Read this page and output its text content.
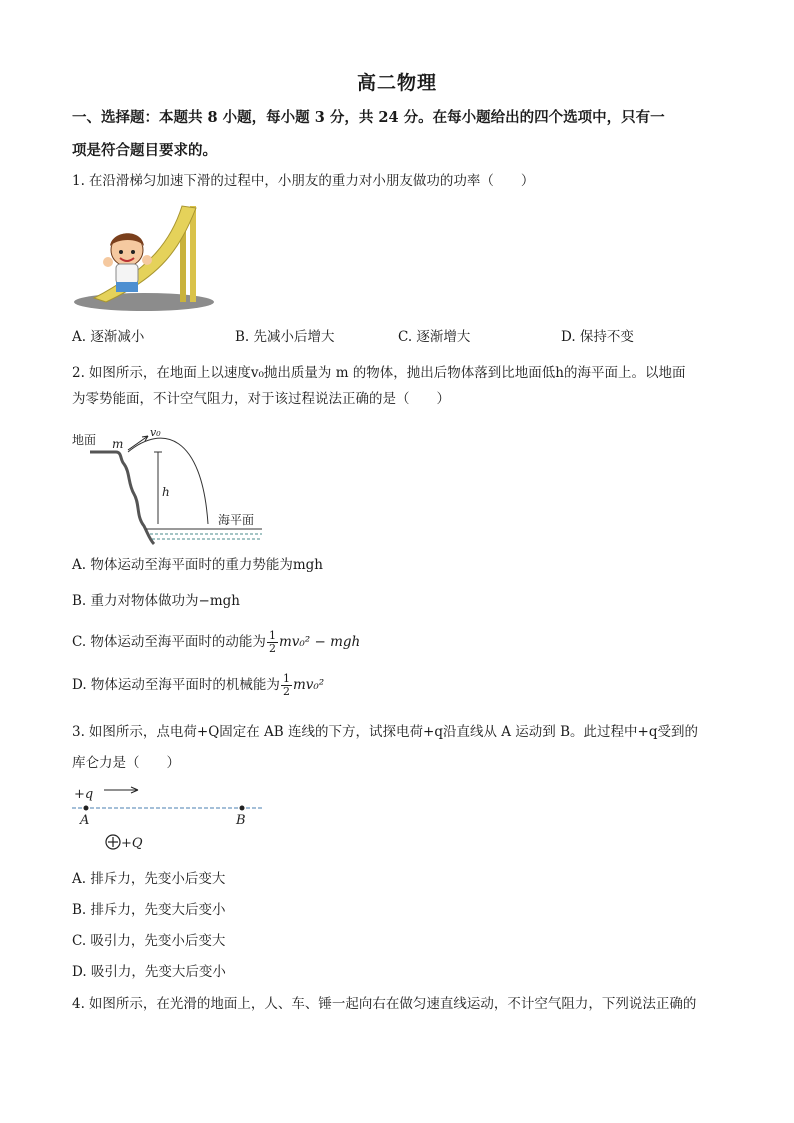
高二物理
一、选择题：本题共 8 小题，每小题 3 分，共 24 分。在每小题给出的四个选项中，只有一
项是符合题目要求的。
1. 在沿滑梯匀加速下滑的过程中，小朋友的重力对小朋友做功的功率（　　）
A. 逐渐减小	B. 先减小后增大	C. 逐渐增大	D. 保持不变
2. 如图所示，在地面上以速度v₀抛出质量为 m 的物体，抛出后物体落到比地面低h的海平面上。以地面
为零势能面，不计空气阻力，对于该过程说法正确的是（　　）
地面 m
v₀
h
海平面
A. 物体运动至海平面时的重力势能为mgh
B. 重力对物体做功为−mgh
C. 物体运动至海平面时的动能为 $\frac{1}{2} mv_0^2$ − mgh
D. 物体运动至海平面时的机械能为 $\frac{1}{2} mv_0^2$
3. 如图所示，点电荷+Q固定在 AB 连线的下方，试探电荷+q沿直线从 A 运动到 B。此过程中+q受到的
库仑力是（　　）
+q
A	B
+Q
A. 排斥力，先变小后变大
B. 排斥力，先变大后变小
C. 吸引力，先变小后变大
D. 吸引力，先变大后变小
4. 如图所示，在光滑的地面上，人、车、锤一起向右在做匀速直线运动，不计空气阻力，下列说法正确的
